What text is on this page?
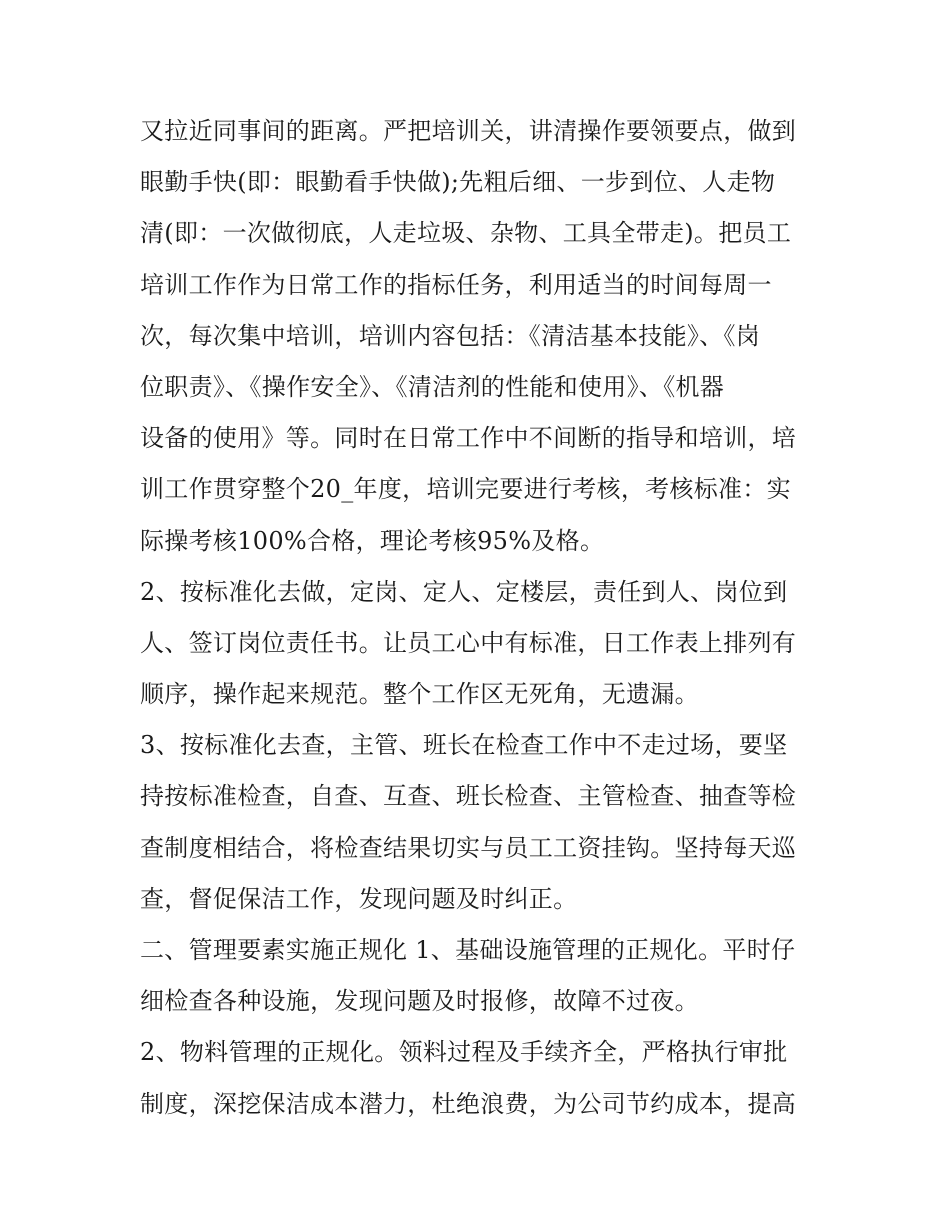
又拉近同事间的距离。严把培训关，讲清操作要领要点，做到
眼勤手快(即：眼勤看手快做);先粗后细、一步到位、人走物
清(即：一次做彻底，人走垃圾、杂物、工具全带走)。把员工
培训工作作为日常工作的指标任务，利用适当的时间每周一
次，每次集中培训，培训内容包括：《清洁基本技能》、《岗
位职责》、《操作安全》、《清洁剂的性能和使用》、《机器
设备的使用》等。同时在日常工作中不间断的指导和培训，培
训工作贯穿整个20_年度，培训完要进行考核，考核标准：实
际操考核100%合格，理论考核95%及格。
2、按标准化去做，定岗、定人、定楼层，责任到人、岗位到
人、签订岗位责任书。让员工心中有标准，日工作表上排列有
顺序，操作起来规范。整个工作区无死角，无遗漏。
3、按标准化去查，主管、班长在检查工作中不走过场，要坚
持按标准检查，自查、互查、班长检查、主管检查、抽查等检
查制度相结合，将检查结果切实与员工工资挂钩。坚持每天巡
查，督促保洁工作，发现问题及时纠正。
二、管理要素实施正规化 1、基础设施管理的正规化。平时仔
细检查各种设施，发现问题及时报修，故障不过夜。
2、物料管理的正规化。领料过程及手续齐全，严格执行审批
制度，深挖保洁成本潜力，杜绝浪费，为公司节约成本，提高
